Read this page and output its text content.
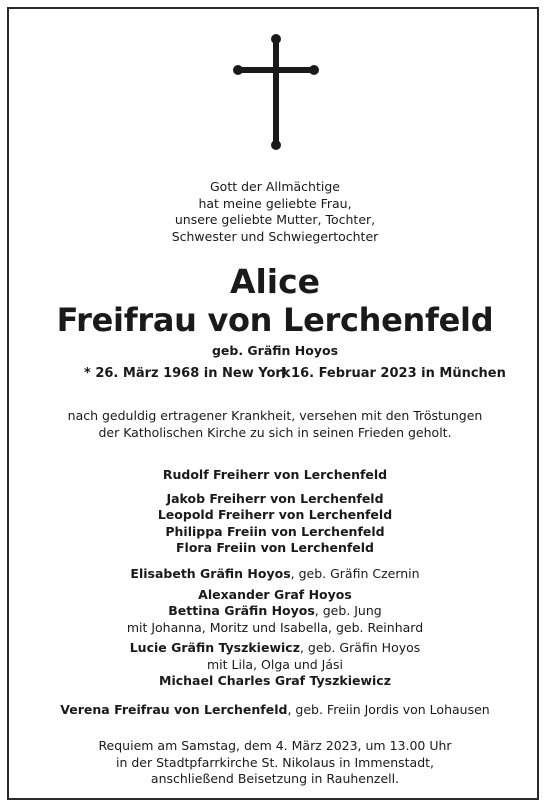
Gott der Allmächtige
hat meine geliebte Frau,
unsere geliebte Mutter, Tochter,
Schwester und Schwiegertochter
Alice
Freifrau von Lerchenfeld
geb. Gräfin Hoyos
* 26. März 1968 in New York
† 16. Februar 2023 in München
nach geduldig ertragener Krankheit, versehen mit den Tröstungen
der Katholischen Kirche zu sich in seinen Frieden geholt.
Rudolf Freiherr von Lerchenfeld
Jakob Freiherr von Lerchenfeld
Leopold Freiherr von Lerchenfeld
Philippa Freiin von Lerchenfeld
Flora Freiin von Lerchenfeld
Elisabeth Gräfin Hoyos, geb. Gräfin Czernin
Alexander Graf Hoyos
Bettina Gräfin Hoyos, geb. Jung
mit Johanna, Moritz und Isabella, geb. Reinhard
Lucie Gräfin Tyszkiewicz, geb. Gräfin Hoyos
mit Lila, Olga und Jási
Michael Charles Graf Tyszkiewicz
Verena Freifrau von Lerchenfeld, geb. Freiin Jordis von Lohausen
Requiem am Samstag, dem 4. März 2023, um 13.00 Uhr
in der Stadtpfarrkirche St. Nikolaus in Immenstadt,
anschließend Beisetzung in Rauhenzell.
